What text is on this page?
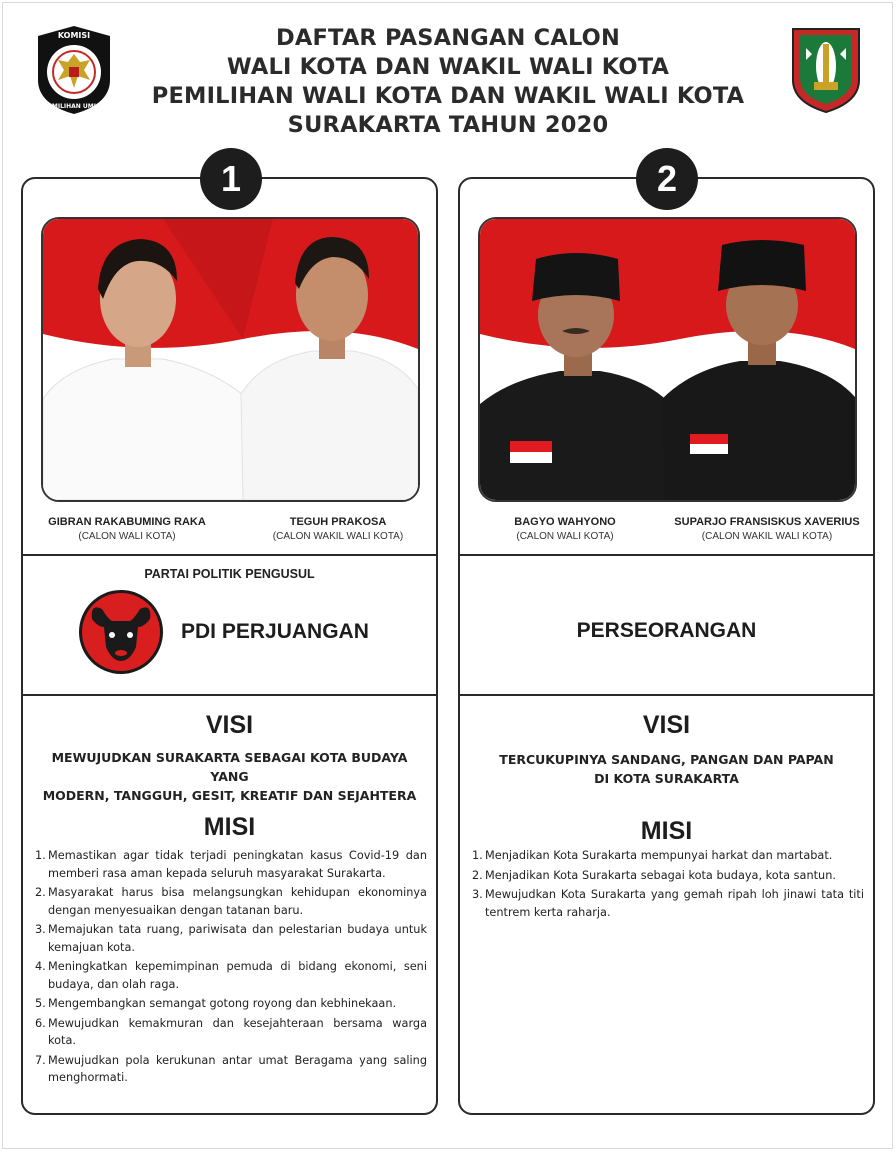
KOMISI
PEMILIHAN UMUM
DAFTAR PASANGAN CALON
WALI KOTA DAN WAKIL WALI KOTA
PEMILIHAN WALI KOTA DAN WAKIL WALI KOTA
SURAKARTA TAHUN 2020
1
GIBRAN RAKABUMING RAKA
(CALON WALI KOTA)
TEGUH PRAKOSA
(CALON WAKIL WALI KOTA)
PARTAI POLITIK PENGUSUL
PDI PERJUANGAN
VISI
MEWUJUDKAN SURAKARTA SEBAGAI KOTA BUDAYA YANG
MODERN, TANGGUH, GESIT, KREATIF DAN SEJAHTERA
MISI
1. Memastikan agar tidak terjadi peningkatan kasus Covid-19 dan memberi rasa aman kepada seluruh masyarakat Surakarta.
2. Masyarakat harus bisa melangsungkan kehidupan ekonominya dengan menyesuaikan dengan tatanan baru.
3. Memajukan tata ruang, pariwisata dan pelestarian budaya untuk kemajuan kota.
4. Meningkatkan kepemimpinan pemuda di bidang ekonomi, seni budaya, dan olah raga.
5. Mengembangkan semangat gotong royong dan kebhinekaan.
6. Mewujudkan kemakmuran dan kesejahteraan bersama warga kota.
7. Mewujudkan pola kerukunan antar umat Beragama yang saling menghormati.
2
BAGYO WAHYONO
(CALON WALI KOTA)
SUPARJO FRANSISKUS XAVERIUS
(CALON WAKIL WALI KOTA)
PERSEORANGAN
VISI
TERCUKUPINYA SANDANG, PANGAN DAN PAPAN
DI KOTA SURAKARTA
MISI
1. Menjadikan Kota Surakarta mempunyai harkat dan martabat.
2. Menjadikan Kota Surakarta sebagai kota budaya, kota santun.
3. Mewujudkan Kota Surakarta yang gemah ripah loh jinawi tata titi tentrem kerta raharja.
